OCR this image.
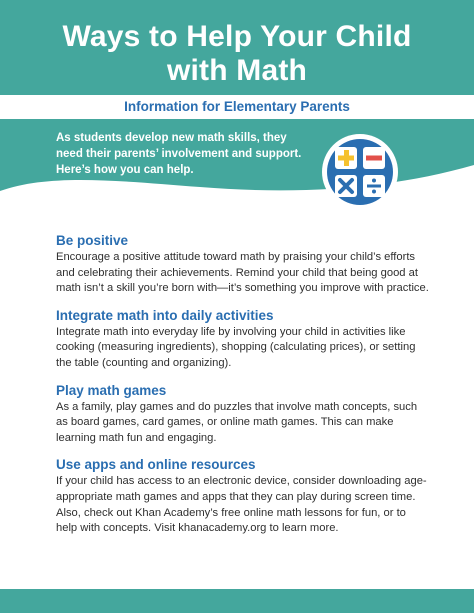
Ways to Help Your Child
with Math
Information for Elementary Parents
As students develop new math skills, they need their parents’ involvement and support. Here’s how you can help.
Be positive

Encourage a positive attitude toward math by praising your child’s efforts and celebrating their achievements. Remind your child that being good at math isn’t a skill you’re born with—it’s something you improve with practice.

Integrate math into daily activities

Integrate math into everyday life by involving your child in activities like cooking (measuring ingredients), shopping (calculating prices), or setting the table (counting and organizing).

Play math games

As a family, play games and do puzzles that involve math concepts, such as board games, card games, or online math games. This can make learning math fun and engaging.

Use apps and online resources

If your child has access to an electronic device, consider downloading age-appropriate math games and apps that they can play during screen time. Also, check out Khan Academy’s free online math lessons for fun, or to help with concepts. Visit khanacademy.org to learn more.
